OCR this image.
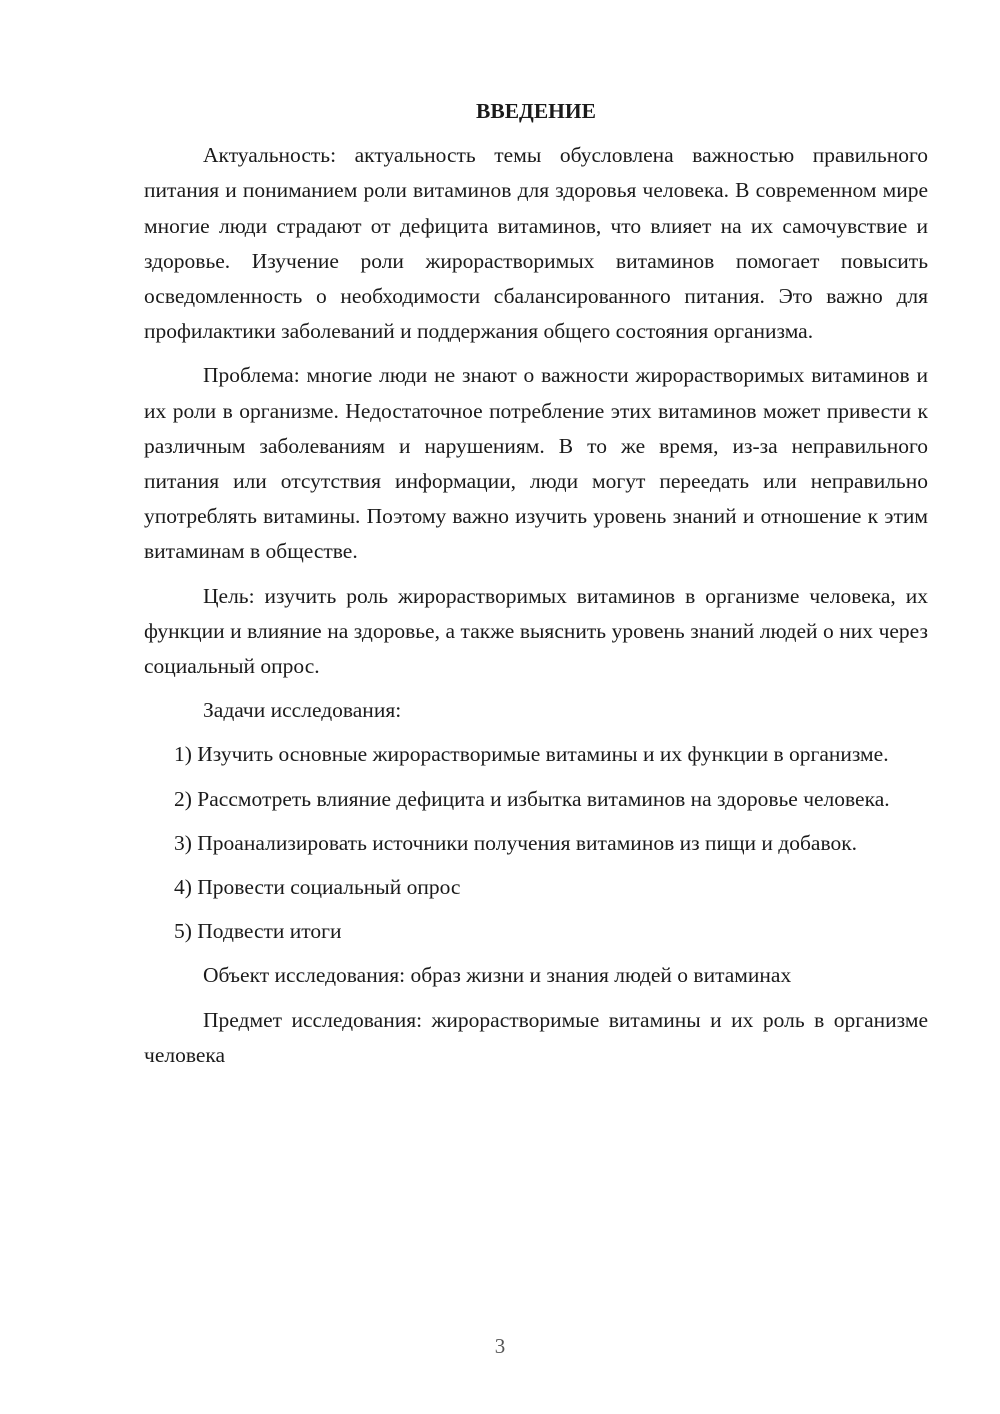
ВВЕДЕНИЕ

Актуальность: актуальность темы обусловлена важностью правильного питания и пониманием роли витаминов для здоровья человека. В современном мире многие люди страдают от дефицита витаминов, что влияет на их самочувствие и здоровье. Изучение роли жирорастворимых витаминов помогает повысить осведомленность о необходимости сбалансированного питания. Это важно для профилактики заболеваний и поддержания общего состояния организма.

Проблема: многие люди не знают о важности жирорастворимых витаминов и их роли в организме. Недостаточное потребление этих витаминов может привести к различным заболеваниям и нарушениям. В то же время, из-за неправильного питания или отсутствия информации, люди могут переедать или неправильно употреблять витамины. Поэтому важно изучить уровень знаний и отношение к этим витаминам в обществе.

Цель: изучить роль жирорастворимых витаминов в организме человека, их функции и влияние на здоровье, а также выяснить уровень знаний людей о них через социальный опрос.

Задачи исследования:

1) Изучить основные жирорастворимые витамины и их функции в организме.

2) Рассмотреть влияние дефицита и избытка витаминов на здоровье человека.

3) Проанализировать источники получения витаминов из пищи и добавок.

4) Провести социальный опрос

5) Подвести итоги

Объект исследования: образ жизни и знания людей о витаминах

Предмет исследования: жирорастворимые витамины и их роль в организме человека

3
